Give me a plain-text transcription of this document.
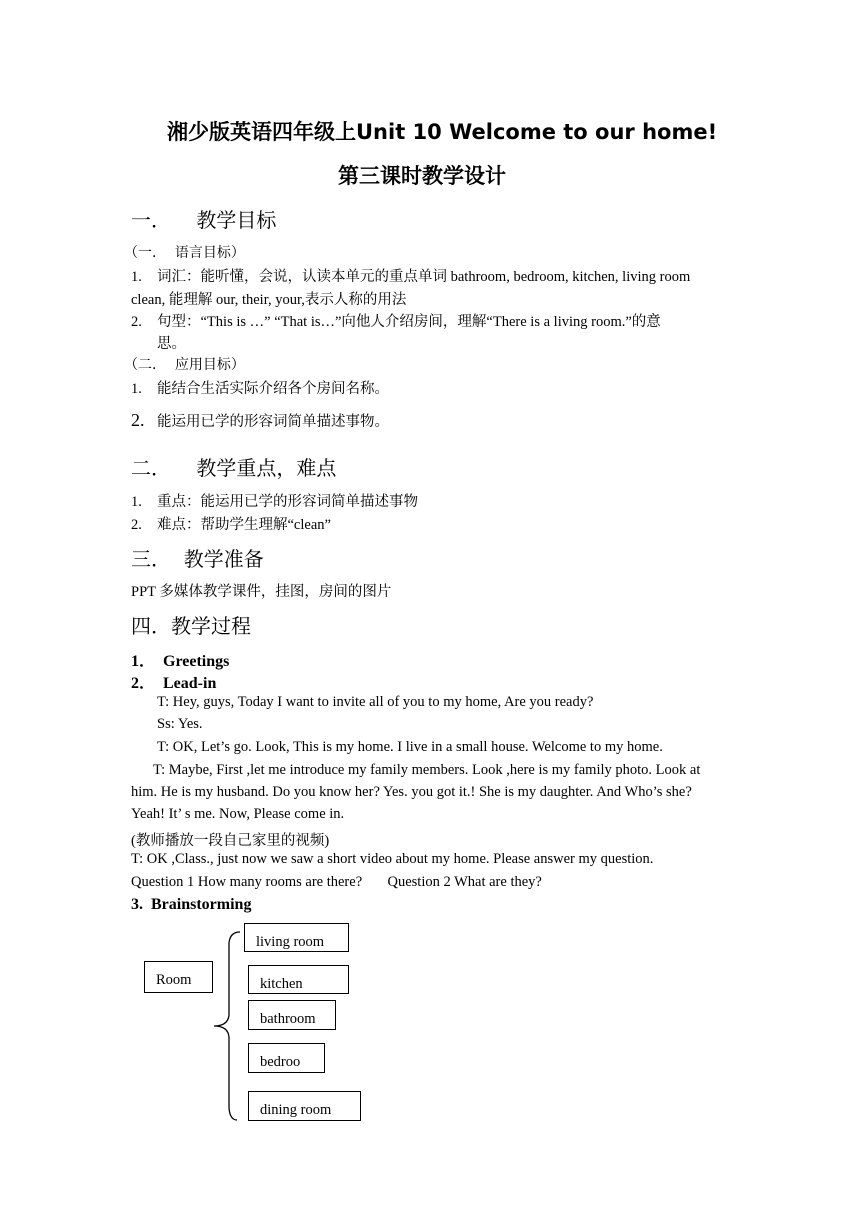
湘少版英语四年级上Unit 10 Welcome to our home!
第三课时教学设计
一．    教学目标
（一．  语言目标）
1. 词汇：能听懂，会说，认读本单元的重点单词 bathroom, bedroom, kitchen, living room
clean, 能理解 our, their, your,表示人称的用法
2. 句型：“This is …” “That is…”向他人介绍房间，理解“There is a living room.”的意
思。
（二．  应用目标）
1. 能结合生活实际介绍各个房间名称。
2. 能运用已学的形容词简单描述事物。
二．    教学重点，难点
1. 重点：能运用已学的形容词简单描述事物
2. 难点：帮助学生理解“clean”
三．  教学准备
PPT 多媒体教学课件，挂图，房间的图片
四．教学过程
1．  Greetings
2．  Lead-in
T: Hey, guys, Today I want to invite all of you to my home, Are you ready?
Ss: Yes.
T: OK, Let’s go. Look, This is my home. I live in a small house. Welcome to my home.
T: Maybe, First ,let me introduce my family members. Look ,here is my family photo. Look at
him. He is my husband. Do you know her? Yes. you got it.! She is my daughter. And Who’s she?
Yeah! It’ s me. Now, Please come in.
(教师播放一段自己家里的视频)
T: OK ,Class., just now we saw a short video about my home. Please answer my question.
Question 1 How many rooms are there?       Question 2 What are they?
3.  Brainstorming
Room
living room
kitchen
bathroom
bedroo
dining room
